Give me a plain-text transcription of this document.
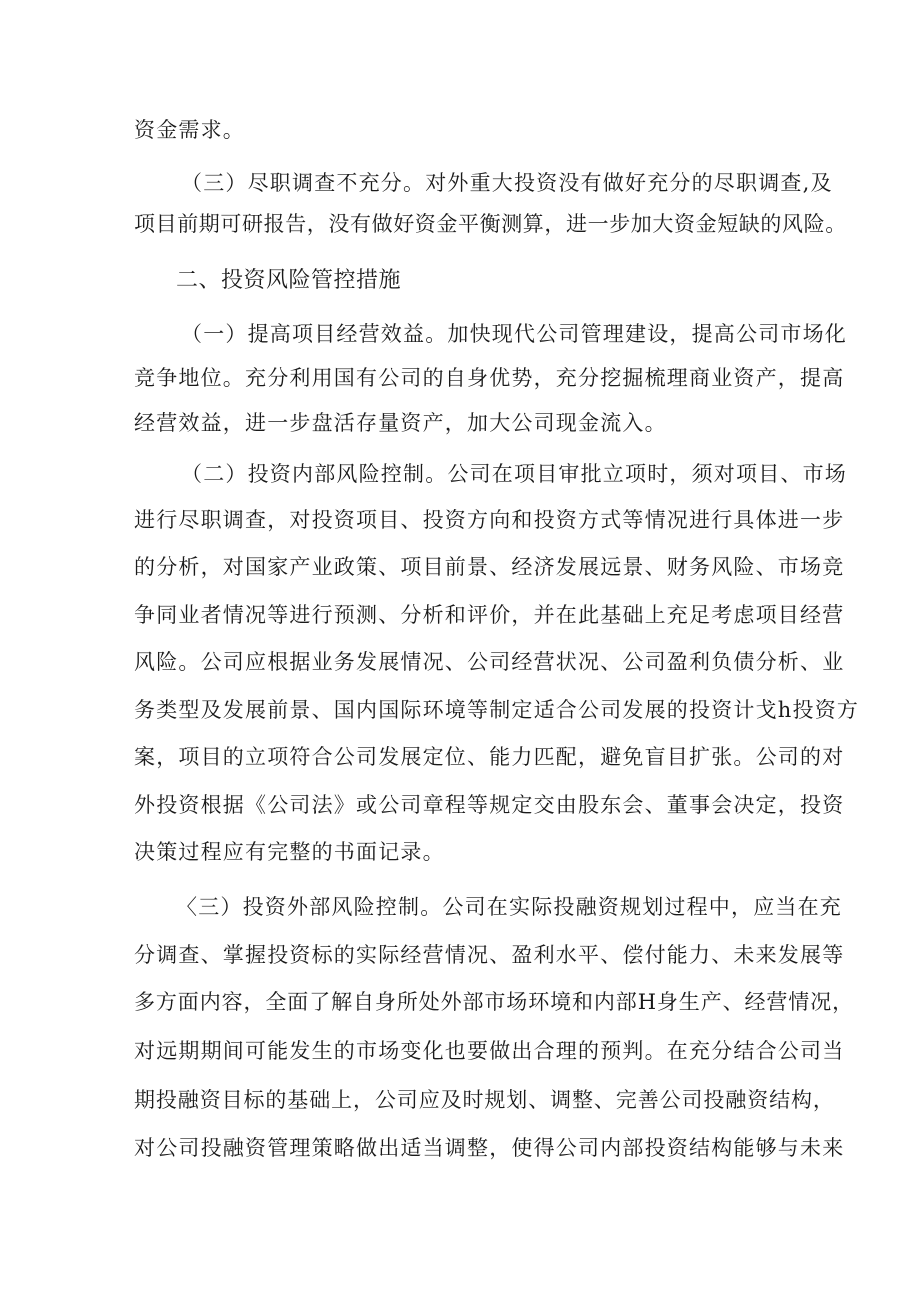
资金需求。
（三）尽职调查不充分。对外重大投资没有做好充分的尽职调查,及
项目前期可研报告，没有做好资金平衡测算，进一步加大资金短缺的风险。
二、投资风险管控措施
（一）提高项目经营效益。加快现代公司管理建设，提高公司市场化
竞争地位。充分利用国有公司的自身优势，充分挖掘梳理商业资产，提高
经营效益，进一步盘活存量资产，加大公司现金流入。
（二）投资内部风险控制。公司在项目审批立项时，须对项目、市场
进行尽职调查，对投资项目、投资方向和投资方式等情况进行具体进一步
的分析，对国家产业政策、项目前景、经济发展远景、财务风险、市场竞
争同业者情况等进行预测、分析和评价，并在此基础上充足考虑项目经营
风险。公司应根据业务发展情况、公司经营状况、公司盈利负债分析、业
务类型及发展前景、国内国际环境等制定适合公司发展的投资计戈h投资方
案，项目的立项符合公司发展定位、能力匹配，避免盲目扩张。公司的对
外投资根据《公司法》或公司章程等规定交由股东会、董事会决定，投资
决策过程应有完整的书面记录。
〈三）投资外部风险控制。公司在实际投融资规划过程中，应当在充
分调查、掌握投资标的实际经营情况、盈利水平、偿付能力、未来发展等
多方面内容，全面了解自身所处外部市场环境和内部H身生产、经营情况，
对远期期间可能发生的市场变化也要做出合理的预判。在充分结合公司当
期投融资目标的基础上，公司应及时规划、调整、完善公司投融资结构，
对公司投融资管理策略做出适当调整，使得公司内部投资结构能够与未来
